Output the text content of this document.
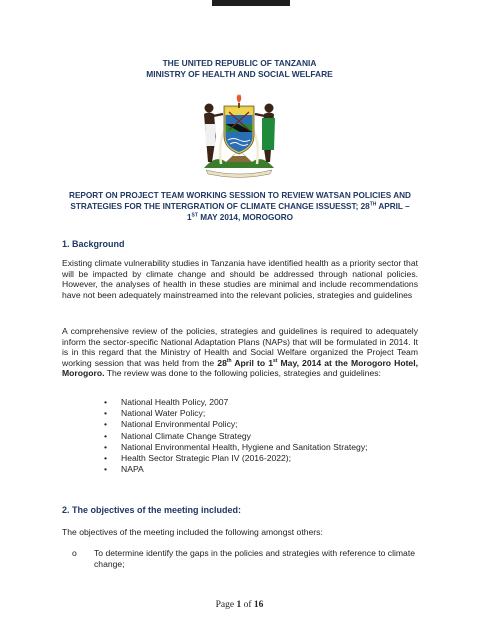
THE UNITED REPUBLIC OF TANZANIA
MINISTRY OF HEALTH AND SOCIAL WELFARE
REPORT ON PROJECT TEAM WORKING SESSION TO REVIEW WATSAN POLICIES AND
STRATEGIES FOR THE INTERGRATION OF CLIMATE CHANGE ISSUESST; 28TH APRIL –
1ST MAY 2014, MOROGORO
1. Background
Existing climate vulnerability studies in Tanzania have identified health as a priority sector that will be impacted by climate change and should be addressed through national policies. However, the analyses of health in these studies are minimal and include recommendations have not been adequately mainstreamed into the relevant policies, strategies and guidelines
A comprehensive review of the policies, strategies and guidelines is required to adequately inform the sector-specific National Adaptation Plans (NAPs) that will be formulated in 2014. It is in this regard that the Ministry of Health and Social Welfare organized the Project Team working session that was held from the 28th April to 1st May, 2014 at the Morogoro Hotel, Morogoro. The review was done to the following policies, strategies and guidelines:
• National Health Policy, 2007
• National Water Policy;
• National Environmental Policy;
• National Climate Change Strategy
• National Environmental Health, Hygiene and Sanitation Strategy;
• Health Sector Strategic Plan IV (2016-2022);
• NAPA
2. The objectives of the meeting included:
The objectives of the meeting included the following amongst others:
o To determine identify the gaps in the policies and strategies with reference to climate change;
Page 1 of 16
